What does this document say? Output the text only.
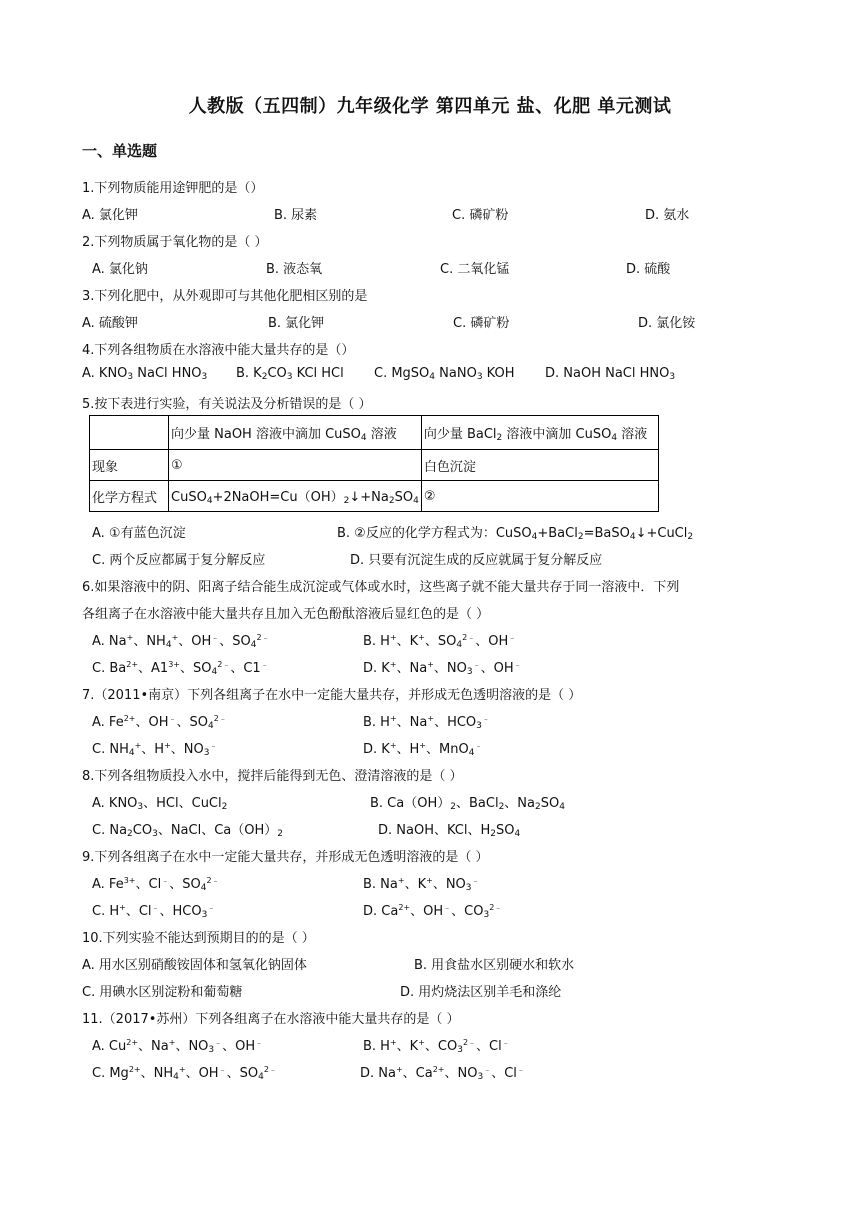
人教版（五四制）九年级化学 第四单元 盐、化肥 单元测试
一、单选题
1.下列物质能用途钾肥的是（）
A. 氯化钾	B. 尿素	C. 磷矿粉	D. 氨水
2.下列物质属于氧化物的是（ ）
A. 氯化钠	B. 液态氧	C. 二氧化锰	D. 硫酸
3.下列化肥中，从外观即可与其他化肥相区别的是
A. 硫酸钾	B. 氯化钾	C. 磷矿粉	D. 氯化铵
4.下列各组物质在水溶液中能大量共存的是（）
A. $KNO_3$ NaCl $HNO_3$ B. $K_2CO_3$ KCl HCl C. MgSO$_4$ NaNO$_3$ KOH D. NaOH NaCl $HNO_3$
5.按下表进行实验，有关说法及分析错误的是（ ）
	向少量 NaOH 溶液中滴加 CuSO$_4$ 溶液	向少量 BaCl$_2$ 溶液中滴加 CuSO$_4$ 溶液
现象	①	白色沉淀
化学方程式	$CuSO_4+2NaOH=Cu(OH)_2↓+Na_2SO_4$	②
A. ①有蓝色沉淀	B. ②反应的化学方程式为：CuSO$_4$+BaCl$_2$=BaSO$_4$↓+CuCl$_2$
C. 两个反应都属于复分解反应	D. 只要有沉淀生成的反应就属于复分解反应
6.如果溶液中的阴、阳离子结合能生成沉淀或气体或水时，这些离子就不能大量共存于同一溶液中．下列
各组离子在水溶液中能大量共存且加入无色酚酞溶液后显红色的是（ ）
A. Na+、$NH_4^+$、OH﹣、$SO_4^{2﹣}$	B. H+、K+、$SO_4^{2﹣}$、OH﹣
C. $Ba^{2+}$、$A1^{3+}$、$SO_4^{2﹣}$、C1﹣	D. K+、Na+、$NO_3^﹣$、OH﹣
7.（2011•南京）下列各组离子在水中一定能大量共存，并形成无色透明溶液的是（ ）
A. $Fe^{2+}$、OH﹣、$SO_4^{2﹣}$	B. H+、Na+、$HCO_3^﹣$
C. $NH_4^+$、H+、$NO_3^﹣$	D. K+、H+、MnO$_4$﹣
8.下列各组物质投入水中，搅拌后能得到无色、澄清溶液的是（ ）
A. $KNO_3$、HCl、CuCl$_2$	B. $Ca(OH)_2$、BaCl$_2$、$Na_2SO_4$
C. $Na_2CO_3$、NaCl、$Ca(OH)_2$	D. NaOH、KCl、$H_2SO_4$
9.下列各组离子在水中一定能大量共存，并形成无色透明溶液的是（ ）
A. $Fe^{3+}$、Cl﹣、$SO_4^{2﹣}$	B. Na+、K+、$NO_3^﹣$
C. H+、Cl﹣、$HCO_3^﹣$	D. $Ca^{2+}$、OH﹣、$CO_3^{2﹣}$
10.下列实验不能达到预期目的的是（ ）
A. 用水区别硝酸铵固体和氢氧化钠固体	B. 用食盐水区别硬水和软水
C. 用碘水区别淀粉和葡萄糖	D. 用灼烧法区别羊毛和涤纶
11.（2017•苏州）下列各组离子在水溶液中能大量共存的是（ ）
A. $Cu^{2+}$、Na+、$NO_3^﹣$、OH﹣	B. H+、K+、$CO_3^{2﹣}$、Cl﹣
C. $Mg^{2+}$、$NH_4^+$、OH﹣、$SO_4^{2﹣}$	D. Na+、$Ca^{2+}$、$NO_3^﹣$、Cl﹣
